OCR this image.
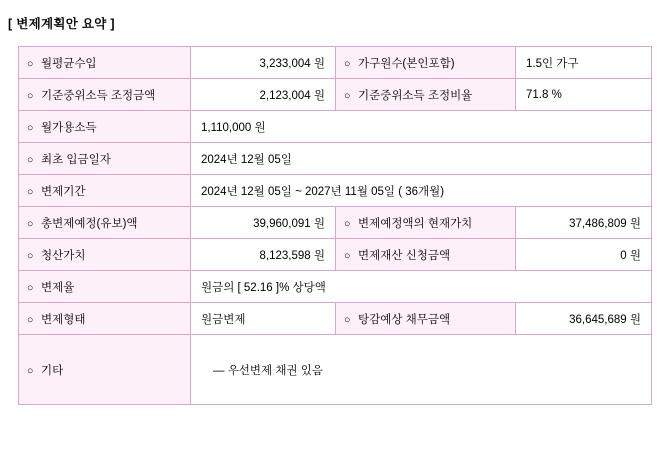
[ 변제계획안 요약 ]
○ 월평균수입	3,233,004 원	○ 가구원수(본인포함)	1.5인 가구
○ 기준중위소득 조정금액	2,123,004 원	○ 기준중위소득 조정비율	71.8 %
○ 월가용소득	1,110,000 원		
○ 최초 입금일자	2024년 12월 05일		
○ 변제기간	2024년 12월 05일 ~ 2027년 11월 05일 ( 36개월)		
○ 총변제예정(유보)액	39,960,091 원	○ 변제예정액의 현재가치	37,486,809 원
○ 청산가치	8,123,598 원	○ 면제재산 신청금액	0 원
○ 변제율	원금의 [ 52.16 ]% 상당액		
○ 변제형태	원금변제	○ 탕감예상 채무금액	36,645,689 원
○ 기타	― 우선변제 채권 있음		
